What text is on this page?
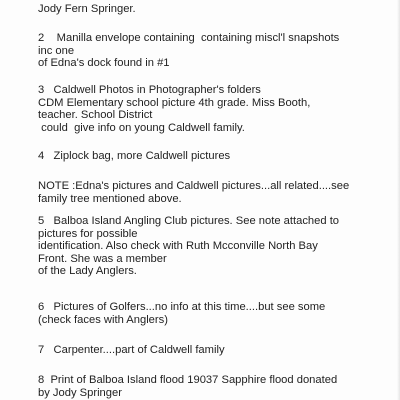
Jody Fern Springer.
2    Manilla envelope containing  containing miscl'l snapshots
inc one
of Edna's dock found in #1
3   Caldwell Photos in Photographer's folders
CDM Elementary school picture 4th grade. Miss Booth,
teacher. School District
could  give info on young Caldwell family.
4   Ziplock bag, more Caldwell pictures
NOTE :Edna's pictures and Caldwell pictures...all related....see
family tree mentioned above.
5   Balboa Island Angling Club pictures. See note attached to
pictures for possible
identification. Also check with Ruth Mcconville North Bay
Front. She was a member
of the Lady Anglers.
6   Pictures of Golfers...no info at this time....but see some
(check faces with Anglers)
7   Carpenter....part of Caldwell family
8  Print of Balboa Island flood 19037 Sapphire flood donated
by Jody Springer
